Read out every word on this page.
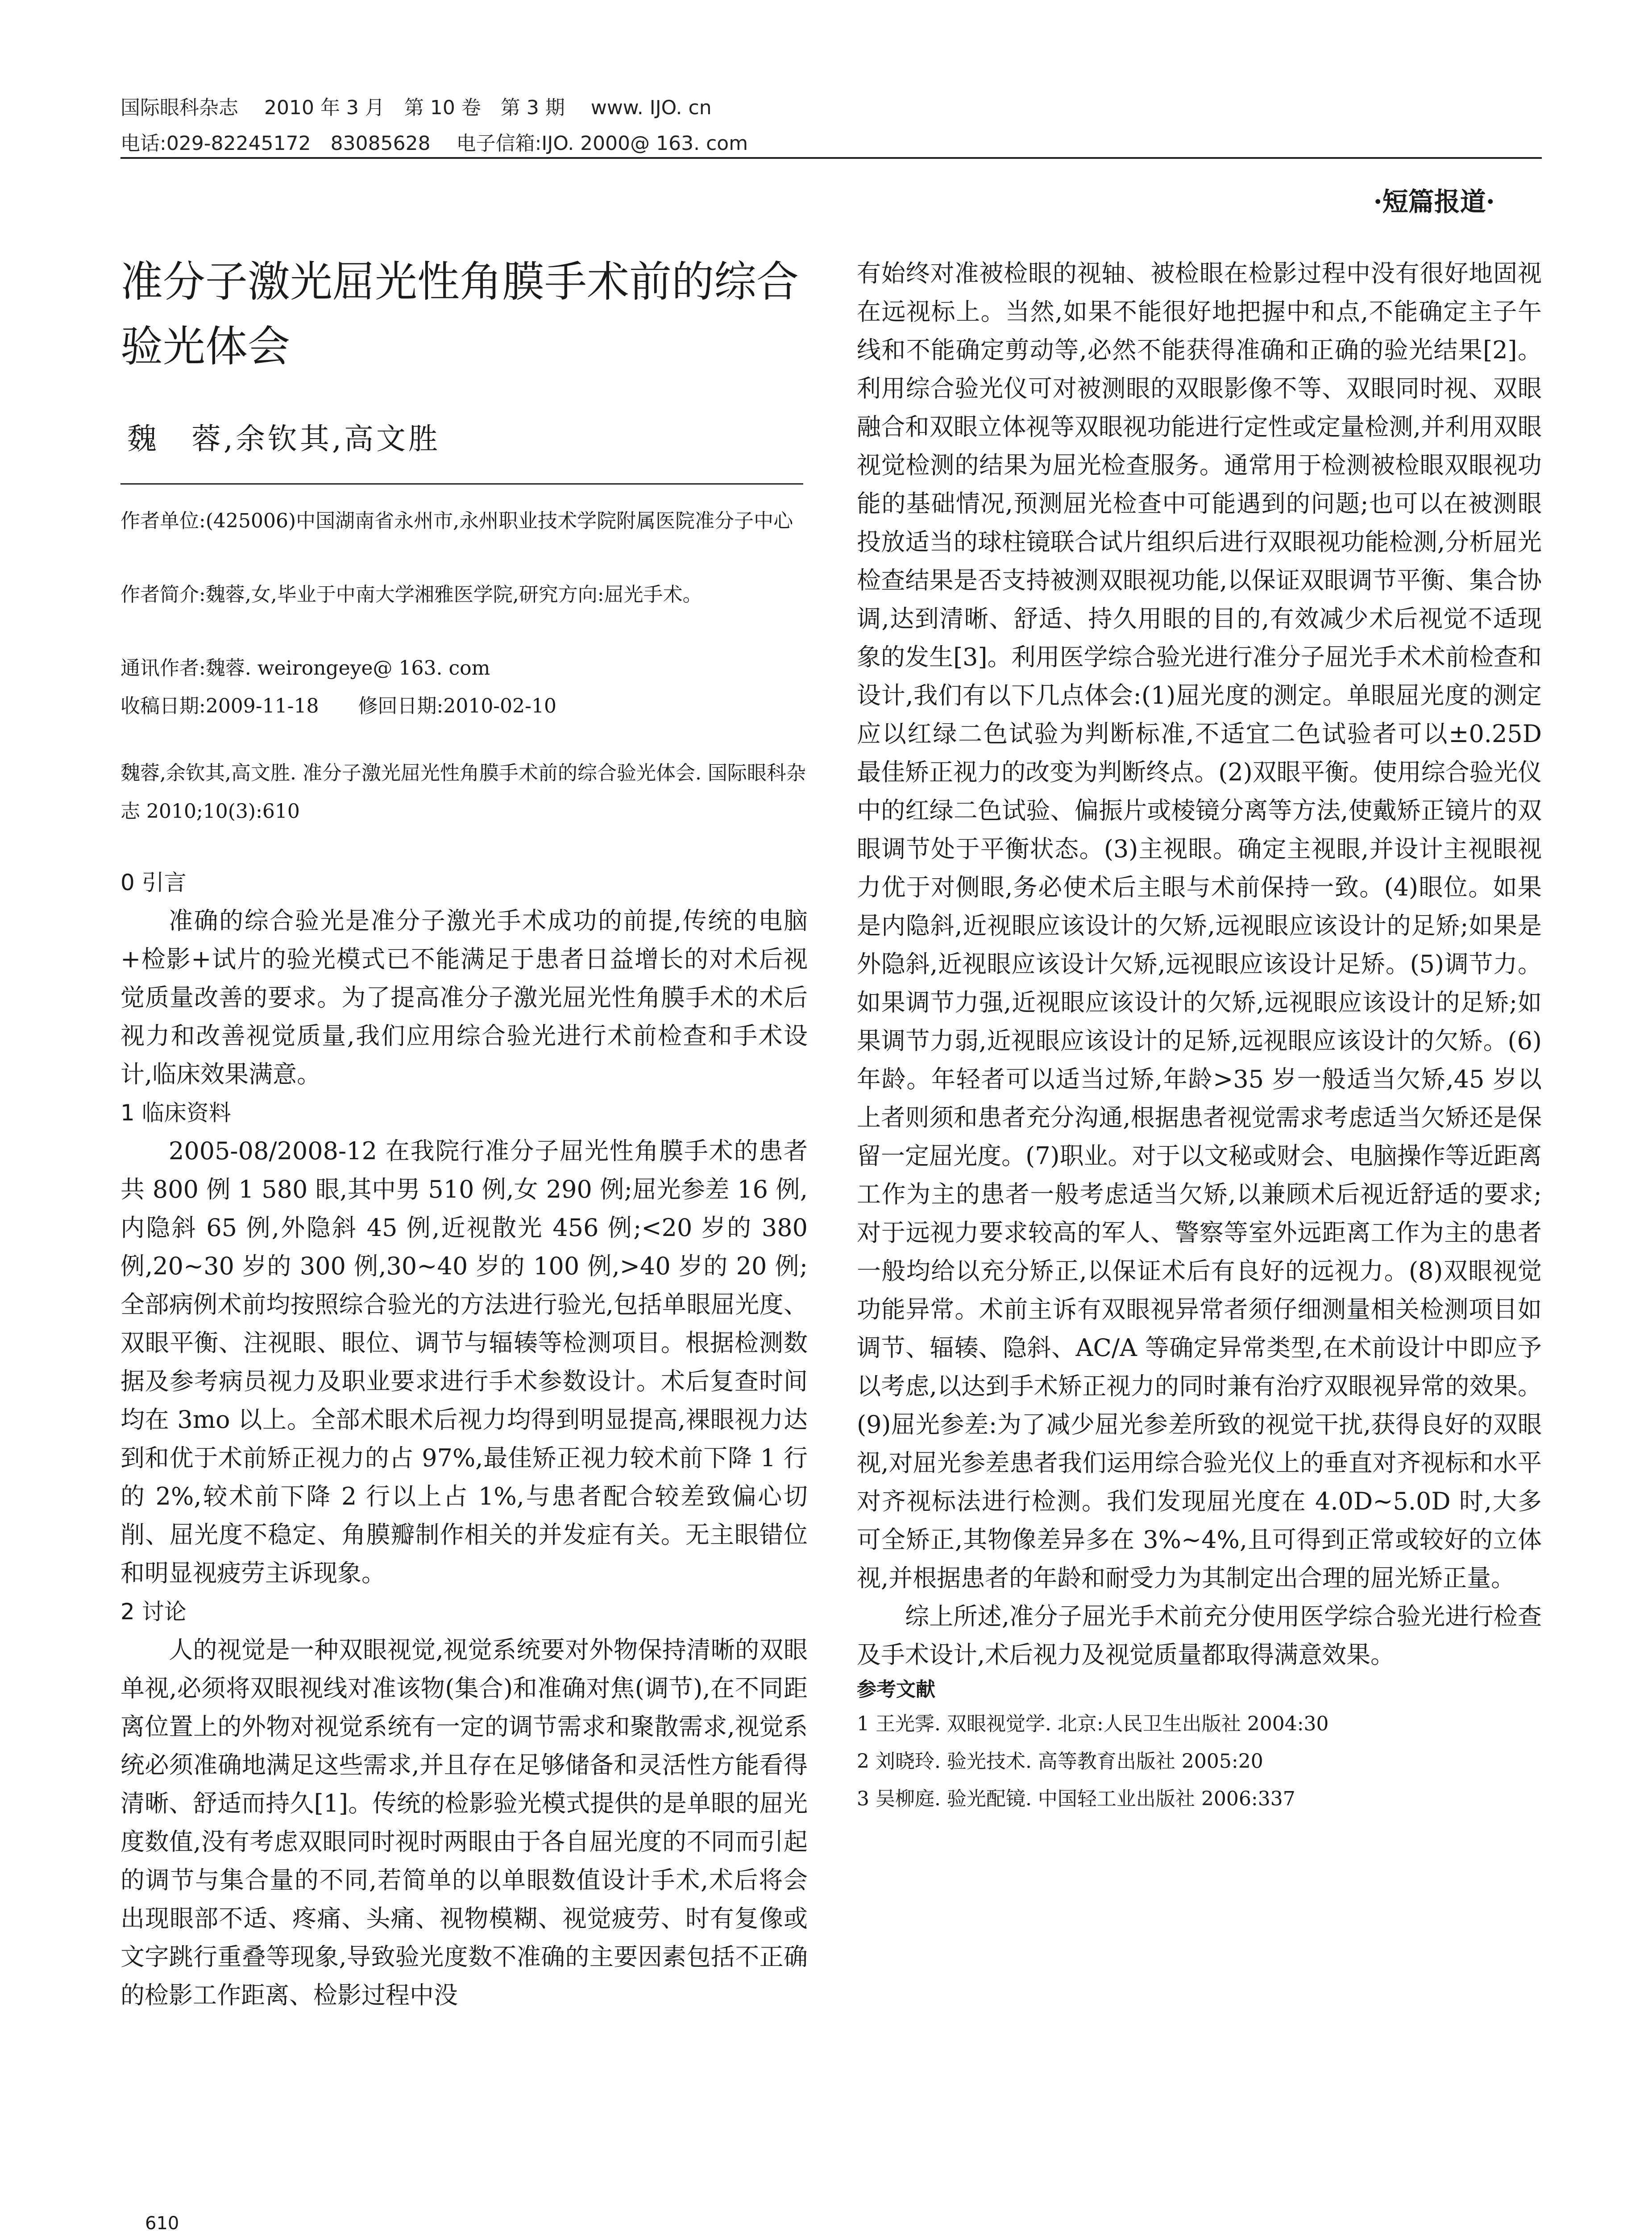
国际眼科杂志　 2010 年 3 月　第 10 卷　第 3 期　 www. IJO. cn
电话:029-82245172　83085628　 电子信箱:IJO. 2000@ 163. com
·短篇报道·
准分子激光屈光性角膜手术前的综合验光体会
魏　蓉,余钦其,高文胜

作者单位:(425006)中国湖南省永州市,永州职业技术学院附属医院准分子中心

作者简介:魏蓉,女,毕业于中南大学湘雅医学院,研究方向:屈光手术。

通讯作者:魏蓉. weirongeye@ 163. com

收稿日期:2009-11-18　　修回日期:2010-02-10

魏蓉,余钦其,高文胜. 准分子激光屈光性角膜手术前的综合验光体会. 国际眼科杂志 2010;10(3):610

0 引言

准确的综合验光是准分子激光手术成功的前提,传统的电脑+检影+试片的验光模式已不能满足于患者日益增长的对术后视觉质量改善的要求。为了提高准分子激光屈光性角膜手术的术后视力和改善视觉质量,我们应用综合验光进行术前检查和手术设计,临床效果满意。

1 临床资料

2005-08/2008-12 在我院行准分子屈光性角膜手术的患者共 800 例 1 580 眼,其中男 510 例,女 290 例;屈光参差 16 例,内隐斜 65 例,外隐斜 45 例,近视散光 456 例;<20 岁的 380 例,20~30 岁的 300 例,30~40 岁的 100 例,>40 岁的 20 例;全部病例术前均按照综合验光的方法进行验光,包括单眼屈光度、双眼平衡、注视眼、眼位、调节与辐辏等检测项目。根据检测数据及参考病员视力及职业要求进行手术参数设计。术后复查时间均在 3mo 以上。全部术眼术后视力均得到明显提高,裸眼视力达到和优于术前矫正视力的占 97%,最佳矫正视力较术前下降 1 行的 2%,较术前下降 2 行以上占 1%,与患者配合较差致偏心切削、屈光度不稳定、角膜瓣制作相关的并发症有关。无主眼错位和明显视疲劳主诉现象。

2 讨论

人的视觉是一种双眼视觉,视觉系统要对外物保持清晰的双眼单视,必须将双眼视线对准该物(集合)和准确对焦(调节),在不同距离位置上的外物对视觉系统有一定的调节需求和聚散需求,视觉系统必须准确地满足这些需求,并且存在足够储备和灵活性方能看得清晰、舒适而持久[1]。传统的检影验光模式提供的是单眼的屈光度数值,没有考虑双眼同时视时两眼由于各自屈光度的不同而引起的调节与集合量的不同,若简单的以单眼数值设计手术,术后将会出现眼部不适、疼痛、头痛、视物模糊、视觉疲劳、时有复像或文字跳行重叠等现象,导致验光度数不准确的主要因素包括不正确的检影工作距离、检影过程中没

有始终对准被检眼的视轴、被检眼在检影过程中没有很好地固视在远视标上。当然,如果不能很好地把握中和点,不能确定主子午线和不能确定剪动等,必然不能获得准确和正确的验光结果[2]。利用综合验光仪可对被测眼的双眼影像不等、双眼同时视、双眼融合和双眼立体视等双眼视功能进行定性或定量检测,并利用双眼视觉检测的结果为屈光检查服务。通常用于检测被检眼双眼视功能的基础情况,预测屈光检查中可能遇到的问题;也可以在被测眼投放适当的球柱镜联合试片组织后进行双眼视功能检测,分析屈光检查结果是否支持被测双眼视功能,以保证双眼调节平衡、集合协调,达到清晰、舒适、持久用眼的目的,有效减少术后视觉不适现象的发生[3]。利用医学综合验光进行准分子屈光手术术前检查和设计,我们有以下几点体会:(1)屈光度的测定。单眼屈光度的测定应以红绿二色试验为判断标准,不适宜二色试验者可以±0.25D 最佳矫正视力的改变为判断终点。(2)双眼平衡。使用综合验光仪中的红绿二色试验、偏振片或棱镜分离等方法,使戴矫正镜片的双眼调节处于平衡状态。(3)主视眼。确定主视眼,并设计主视眼视力优于对侧眼,务必使术后主眼与术前保持一致。(4)眼位。如果是内隐斜,近视眼应该设计的欠矫,远视眼应该设计的足矫;如果是外隐斜,近视眼应该设计欠矫,远视眼应该设计足矫。(5)调节力。如果调节力强,近视眼应该设计的欠矫,远视眼应该设计的足矫;如果调节力弱,近视眼应该设计的足矫,远视眼应该设计的欠矫。(6)年龄。年轻者可以适当过矫,年龄>35 岁一般适当欠矫,45 岁以上者则须和患者充分沟通,根据患者视觉需求考虑适当欠矫还是保留一定屈光度。(7)职业。对于以文秘或财会、电脑操作等近距离工作为主的患者一般考虑适当欠矫,以兼顾术后视近舒适的要求;对于远视力要求较高的军人、警察等室外远距离工作为主的患者一般均给以充分矫正,以保证术后有良好的远视力。(8)双眼视觉功能异常。术前主诉有双眼视异常者须仔细测量相关检测项目如调节、辐辏、隐斜、AC/A 等确定异常类型,在术前设计中即应予以考虑,以达到手术矫正视力的同时兼有治疗双眼视异常的效果。(9)屈光参差:为了减少屈光参差所致的视觉干扰,获得良好的双眼视,对屈光参差患者我们运用综合验光仪上的垂直对齐视标和水平对齐视标法进行检测。我们发现屈光度在 4.0D~5.0D 时,大多可全矫正,其物像差异多在 3%~4%,且可得到正常或较好的立体视,并根据患者的年龄和耐受力为其制定出合理的屈光矫正量。

综上所述,准分子屈光手术前充分使用医学综合验光进行检查及手术设计,术后视力及视觉质量都取得满意效果。

参考文献

1 王光霁. 双眼视觉学. 北京:人民卫生出版社 2004:30

2 刘晓玲. 验光技术. 高等教育出版社 2005:20

3 吴柳庭. 验光配镜. 中国轻工业出版社 2006:337

610
